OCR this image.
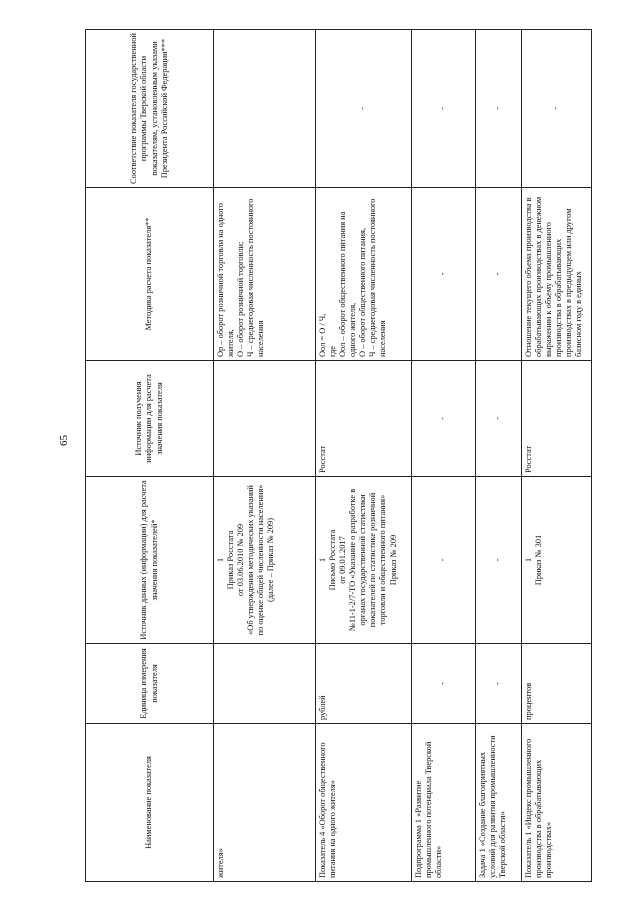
65
Наименование показателя	Единица измерения показателя	Источник данных (информации) для расчета значения показателей*	Источник получения информации для расчета значения показателя	Методика расчета показателя**	Соответствие показателя государственной программы Тверской области показателям, установленным указами Президента Российской Федерации***
жителя»		1
Приказ Росстата
от 03.06.2010 № 209
«Об утверждении методических указаний по оценке общей численности населения»
(далее – Приказ № 209)		Ор – оборот розничной торговли на одного жителя,
О – оборот розничной торговли;
Ч – среднегодовая численность постоянного населения	
Показатель 4 «Оборот общественного питания на одного жителя»	рублей	1
Письмо Росстата
от 09.01.2017
№11-1-2/7-ТО «Указание о разработке в органах государственной статистики показателей по статистике розничной торговли и общественного питания»
Приказ № 209	Росстат	Оол = О / Ч,
где
Оол – оборот общественного питания на одного жителя,
О – оборот общественного питания,
Ч – среднегодовая численность постоянного населения	-
Подпрограмма 1 «Развитие промышленного потенциала Тверской области»	-	-	-	-	-
Задача 1 «Создание благоприятных условий для развития промышленности Тверской области»	-	-	-	-	-
Показатель 1 «Индекс промышленного производства в обрабатывающих производствах»	процентов	1
Приказ № 301	Росстат	Отношение текущего объема производства в обрабатывающих производствах в денежном выражении к объему промышленного производства в обрабатывающих производствах в предыдущем или другом базисном году в единых	-
